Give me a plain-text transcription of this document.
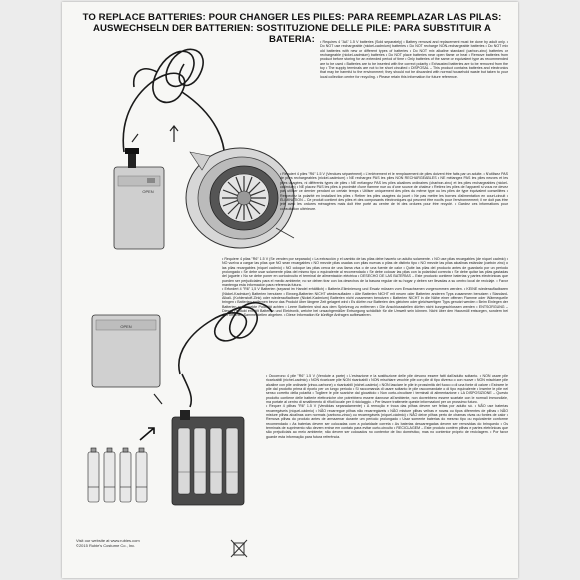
TO REPLACE BATTERIES: POUR CHANGER LES PILES: PARA REEMPLAZAR LAS PILAS:
AUSWECHSELN DER BATTERIEN: SOSTITUZIONE DELLE PILE: PARA SUBSTITUIR A BATERIA:
OPEN
OPEN

• Requires 4 "AA" 1.5 V batteries (Sold separately) • Battery removal and replacement must be done by adult only. • Do NOT use rechargeable (nickel-cadmium) batteries • Do NOT recharge NON-rechargeable batteries • Do NOT mix old batteries with new or different types of batteries • Do NOT mix alkaline standard (carbon-zinc) batteries or rechargeable (nickel-cadmium) batteries • Do NOT place batteries near open flame or heat • Remove batteries from product before storing for an extended period of time • Only batteries of the same or equivalent type as recommended are to be used • Batteries are to be inserted with the correct polarity • Exhausted batteries are to be removed from the toy • The supply terminals are not to be short circuited • DISPOSAL – This product contains batteries and electronics that may be harmful to the environment; they should not be discarded with normal household waste but taken to your local collection centre for recycling. • Please retain this information for future reference.

• Requiert 4 piles "R6" 1.5 V (Vendues séparément) • L'enlèvement et le remplacement de piles doivent être faits par un adulte. • N'utilisez PAS de piles rechargeables (nickel-cadmium) • NE rechargez PAS les piles NON RECHARGEABLES • NE mélangez PAS les piles neuves et les piles usagées, ni différents types de piles • NE mélangez PAS les piles alcalines ordinaires (charbon-zinc) et les piles rechargeables (nickel-cadmium) • NE placez PAS les piles à proximité d'une flamme nue ou d'une source de chaleur • Retirez les piles de l'appareil si vous ne devez pas utiliser ce dernier pendant un certain temps • Utiliser uniquement des piles du même type ou les piles de type équivalent conseillées • Respectez la polarité en installant les piles • Retirer les piles usagées du jouet • Ne pas mettre les bornes d'alimentation en court-circuit • ÉLIMINATION – Ce produit contient des piles et des composants électroniques qui peuvent être nocifs pour l'environnement; il ne doit pas être jeté avec les ordures ménagères mais doit être porté au centre de tri des ordures pour être recyclé. • Gardez ces informations pour consultation ultérieure.

• Requiere 4 pilas "R6" 1.5 V (Se venden por separado) • La extracción y el cambio de las pilas debe hacerlo un adulto solamente. • NO use pilas recargables (de níquel cadmio) • NO vuelva a cargar las pilas que NO sean recargables • NO mezcle pilas usadas con pilas nuevas o pilas de distinto tipo • NO mezcle las pilas alcalinas estándar (carbón zinc) o las pilas recargables (níquel cadmio) • NO coloque las pilas cerca de una llama viva o de una fuente de calor • Quite las pilas del producto antes de guardarlo por un periodo prolongado • Se debe usar solamente pilas del mismo tipo o equivalente al recomendado • Se debe colocar las pilas con la polaridad correcta • Se debe quitar las pilas gastadas del juguete • No se debe poner en cortocircuito el terminal de alimentación eléctrica • DESECHO DE LAS BATERÍAS – Este producto contiene baterías y partes electrónicas que pueden ser perjudiciales para el medio ambiente; no se deben tirar con los desechos de la basura regular de su hogar y deben ser llevadas a su centro local de reciclaje. • Favor mantenga esta información para referencia futura.

• Erfordert 4 "R6" 1,5 V Batterien (separat im Handel erhältlich) • Batterie-Eliminierung und Ersatz müssen vom Erwachsenen vorgenommen werden. • KEINE wiederaufladbaren (Nickel-Kadmium) Batterien benutzen • Einweg-Batterien NICHT wiederaufladen • Alte Batterien NICHT mit neuen oder Batterien anderen Typs zusammen benutzen • Standard-Alkali- (Kohlenstoff-Zink) oder wiederaufladbare (Nickel-Kadmium) Batterien nicht zusammen benutzen • Batterien NICHT in die Nähe einer offenen Flamme oder Wärmequelle bringen • Batterien entfernen bevor das Produkt über längere Zeit gelagert wird • Es dürfen nur Batterien des gleichen oder gleichwertigen Typs genutzt werden • Beim Einlegen der Batterien auf korrekte Polarität achten • Leere Batterien sind aus dem Spielzeug zu entfernen • Die Anschlussstellen dürfen nicht kurzgeschlossen werden • ENTSORGUNG – Dieses Produkt enthält Batterien und Elektronik, welche bei unsachgemäßer Entsorgung schädlich für die Umwelt sein können. Nicht über den Hausmüll entsorgen, sondern bei den örtlichen Sammelstellen abgeben. • Diese Information für künftige Anfragen aufbewahren.

• Occorrono 4 pile "R6" 1.5 V (Vendute a parte) • L'estrazione e la sostituzione delle pile devono essere fatti dall'adulto soltanto. • NON usare pile ricaricabili (nichel-cadmio) • NON ricaricare pile NON ricaricabili • NON mischiare vecchie pile con pile di tipo diverso o con nuove • NON mischiare pile alcaline con pile ordinarie (zinco-carbone) o ricaricabili (nichel-cadmio) • NON lasciare le pile in prossimità del fuoco o di una fonte di calore • Estrarre le pile dal prodotto prima di riporlo per un lungo periodo • Si raccomanda di usare soltanto le pile raccomandate o di tipo equivalente • Inserire le pile nel senso corretto della polarità • Togliere le pile scariche dal giocattolo • Non corto-circuitare i terminali di alimentazione • LA DISPOSIZIONE – Questo prodotto contiene delle batterie elettroniche che potrebbero essere dannose all'ambiente, non dovrebbero essere scartate con le normali immondizie, ma portate al centro di smaltimento di rifiuti locale per il riciclaggio. • Per favore trattenete queste informazioni per un prossimo futuro.

• Requer 4 pilhas "R6" 1.5 V (Vendidas separadamente) • A remoção e troca das pilhas devem ser feitas por adulto só. • NÃO use baterias recarregáveis (níquel-cádmio) • NÃO recarregue pilhas não recarregáveis • NÃO misture pilhas velhas e novas ou tipos diferentes de pilhas • NÃO misture pilhas alcalinas com normais (carbono-zinco) ou recarregáveis (níquel-cádmio) • NÃO deixe pilhas perto de chamas vivas ou fontes de calor • Remova pilhas do produto antes de armazenar durante um período prolongado • Usar somente baterias do mesmo tipo ou equivalente conforme recomendado • As baterias devem ser colocadas com a polaridade correta • As baterias descarregadas devem ser removidas do brinquedo • Os terminais de suprimento não devem entrar em contato para evitar curto-circuito • RECICLAGEM – Este produto contém pilhas e partes eletrônicas que são prejudiciais ao meio ambiente; não devem ser colocados no contentor de lixo doméstico, mas no contentor próprio de reciclagem. • Por favor guarde esta informação para futura referência.

Visit our website at www.rubies.com
©2015 Rubie's Costume Co., Inc.
